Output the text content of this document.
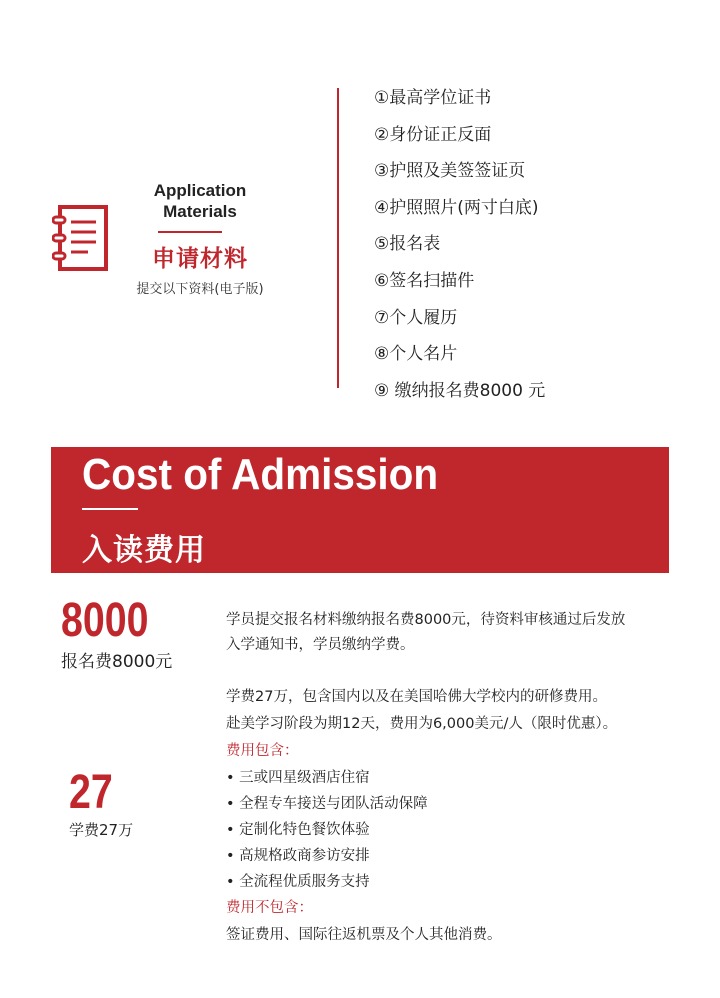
Application Materials
申请材料
提交以下资料(电子版)
①最高学位证书
②身份证正反面
③护照及美签签证页
④护照照片(两寸白底)
⑤报名表
⑥签名扫描件
⑦个人履历
⑧个人名片
⑨ 缴纳报名费8000 元
Cost of Admission
入读费用
8000
报名费8000元
学员提交报名材料缴纳报名费8000元，待资料审核通过后发放
入学通知书，学员缴纳学费。
27
学费27万
学费27万，包含国内以及在美国哈佛大学校内的研修费用。
赴美学习阶段为期12天，费用为6,000美元/人（限时优惠）。
费用包含：
• 三或四星级酒店住宿
• 全程专车接送与团队活动保障
• 定制化特色餐饮体验
• 高规格政商参访安排
• 全流程优质服务支持
费用不包含：
签证费用、国际往返机票及个人其他消费。
